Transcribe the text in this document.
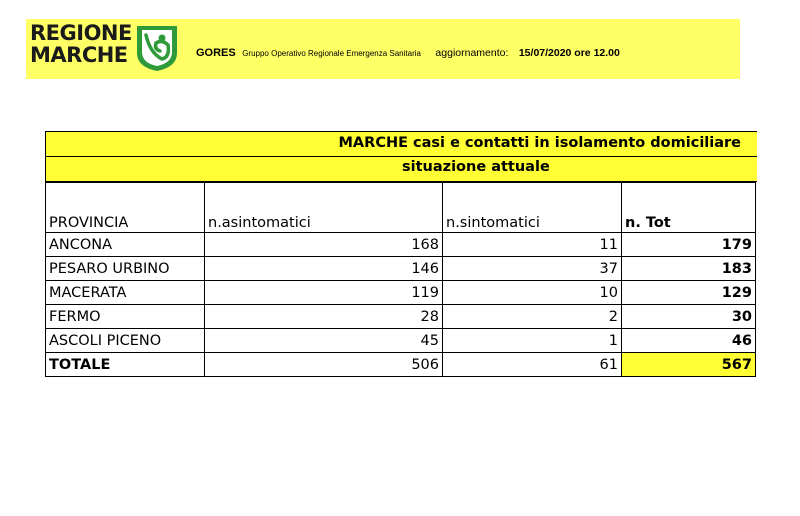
REGIONE
MARCHE	GORES Gruppo Operativo Regionale Emergenza Sanitaria aggiornamento: 15/07/2020 ore 12.00
MARCHE casi e contatti in isolamento domiciliare
situazione attuale
PROVINCIA	n.asintomatici	n.sintomatici	n. Tot
ANCONA	168	11	179
PESARO URBINO	146	37	183
MACERATA	119	10	129
FERMO	28	2	30
ASCOLI PICENO	45	1	46
TOTALE	506	61	567
